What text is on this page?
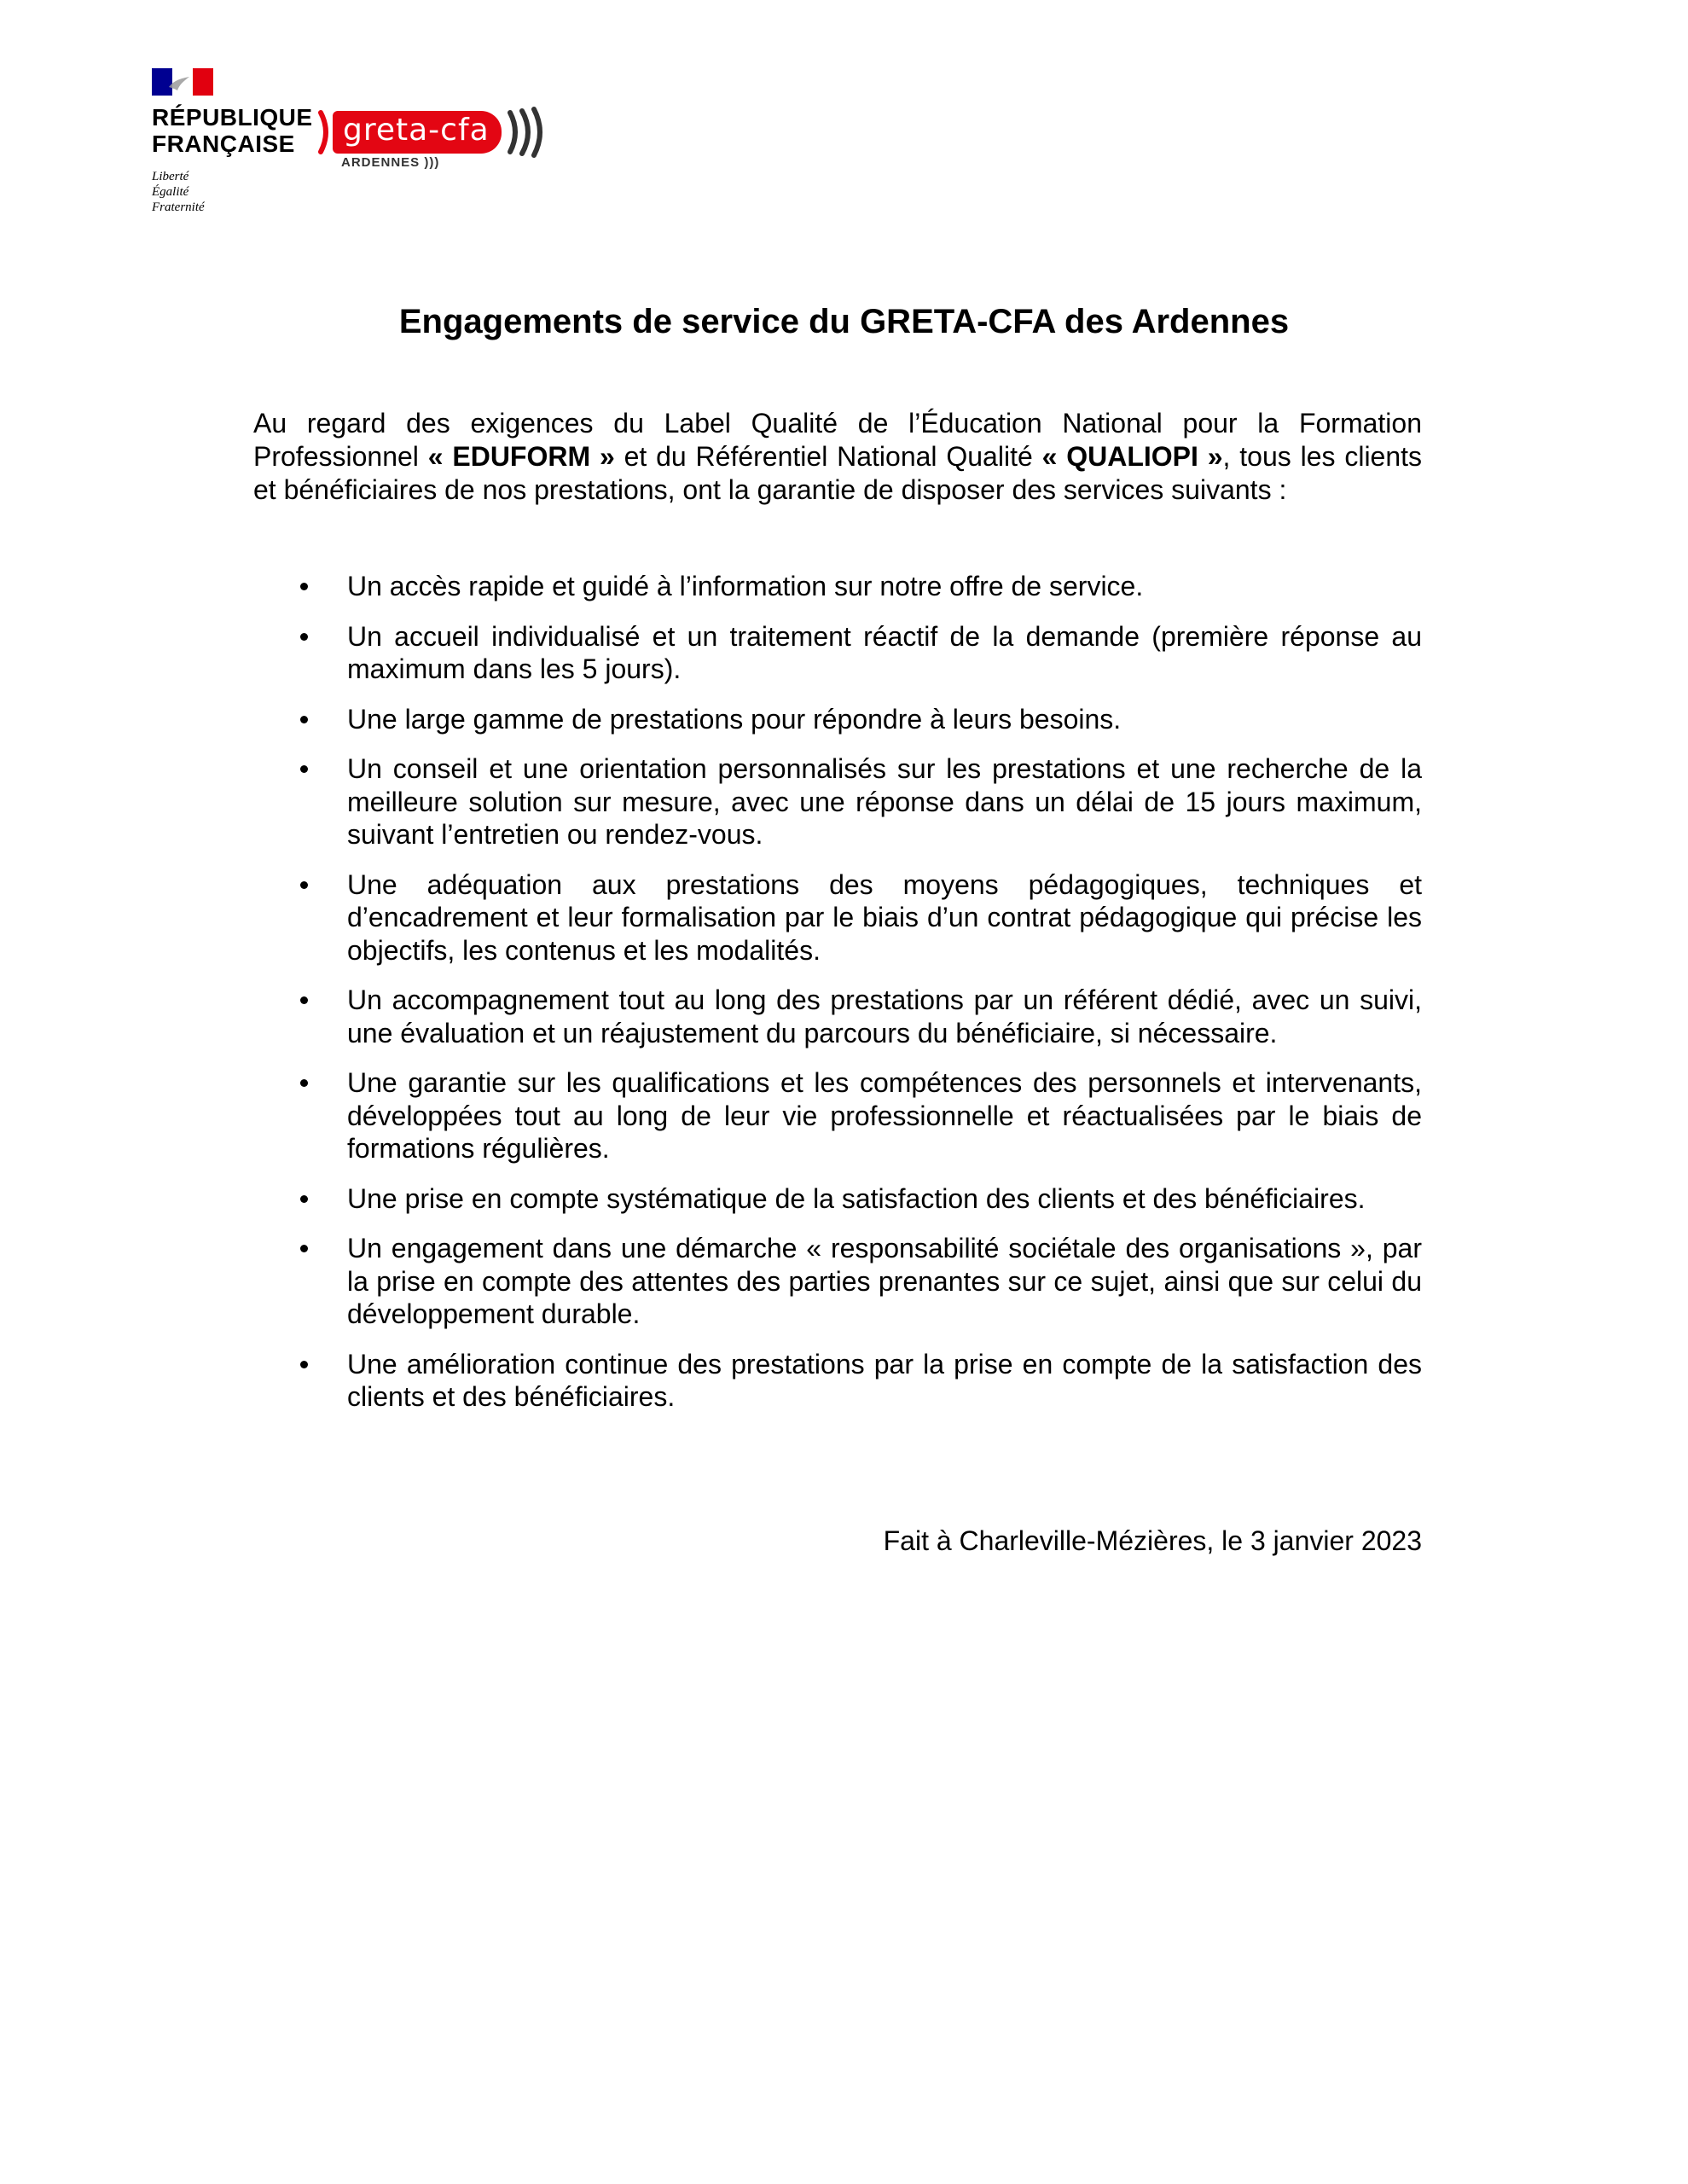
RÉPUBLIQUE
FRANÇAISE
Liberté
Égalité
Fraternité
greta-cfa
ARDENNES )))
Engagements de service du GRETA-CFA des Ardennes
Au regard des exigences du Label Qualité de l’Éducation National pour la Formation Professionnel « EDUFORM » et du Référentiel National Qualité « QUALIOPI », tous les clients et bénéficiaires de nos prestations, ont la garantie de disposer des services suivants :
Un accès rapide et guidé à l’information sur notre offre de service.
Un accueil individualisé et un traitement réactif de la demande (première réponse au maximum dans les 5 jours).
Une large gamme de prestations pour répondre à leurs besoins.
Un conseil et une orientation personnalisés sur les prestations et une recherche de la meilleure solution sur mesure, avec une réponse dans un délai de 15 jours maximum, suivant l’entretien ou rendez-vous.
Une adéquation aux prestations des moyens pédagogiques, techniques et d’encadrement et leur formalisation par le biais d’un contrat pédagogique qui précise les objectifs, les contenus et les modalités.
Un accompagnement tout au long des prestations par un référent dédié, avec un suivi, une évaluation et un réajustement du parcours du bénéficiaire, si nécessaire.
Une garantie sur les qualifications et les compétences des personnels et intervenants, développées tout au long de leur vie professionnelle et réactualisées par le biais de formations régulières.
Une prise en compte systématique de la satisfaction des clients et des bénéficiaires.
Un engagement dans une démarche « responsabilité sociétale des organisations », par la prise en compte des attentes des parties prenantes sur ce sujet, ainsi que sur celui du développement durable.
Une amélioration continue des prestations par la prise en compte de la satisfaction des clients et des bénéficiaires.
Fait à Charleville-Mézières, le 3 janvier 2023
